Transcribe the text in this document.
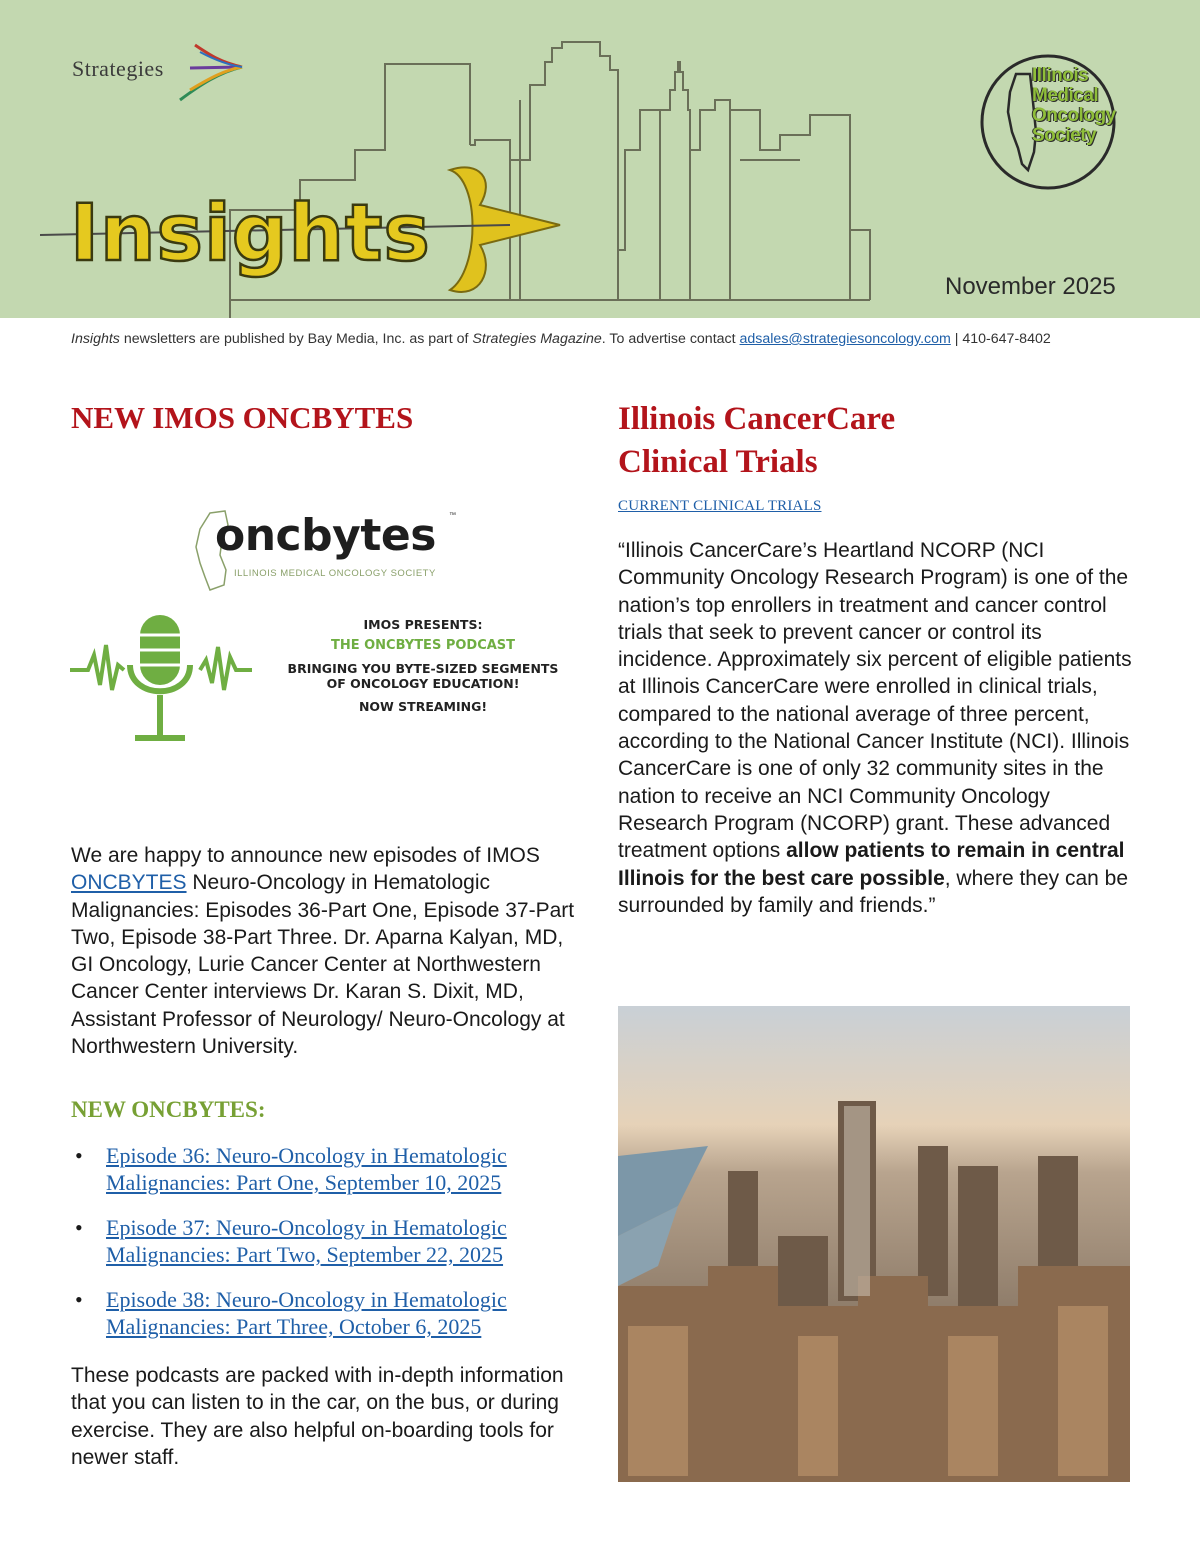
Strategies
Insights
Illinois
Medical
Oncology
Society
November 2025
Insights newsletters are published by Bay Media, Inc. as part of Strategies Magazine. To advertise contact adsales@strategiesoncology.com | 410-647-8402
NEW IMOS ONCBYTES
oncbytes ™
ILLINOIS MEDICAL ONCOLOGY SOCIETY
IMOS PRESENTS:
THE ONCBYTES PODCAST
BRINGING YOU BYTE-SIZED SEGMENTS OF ONCOLOGY EDUCATION!
NOW STREAMING!
We are happy to announce new episodes of IMOS ONCBYTES Neuro-Oncology in Hematologic Malignancies: Episodes 36-Part One, Episode 37-Part Two, Episode 38-Part Three. Dr. Aparna Kalyan, MD, GI Oncology, Lurie Cancer Center at Northwestern Cancer Center interviews Dr. Karan S. Dixit, MD, Assistant Professor of Neurology/ Neuro-Oncology at Northwestern University.
NEW ONCBYTES:
• Episode 36: Neuro-Oncology in Hematologic Malignancies: Part One, September 10, 2025
• Episode 37: Neuro-Oncology in Hematologic Malignancies: Part Two, September 22, 2025
• Episode 38: Neuro-Oncology in Hematologic Malignancies: Part Three, October 6, 2025
These podcasts are packed with in-depth information that you can listen to in the car, on the bus, or during exercise. They are also helpful on-boarding tools for newer staff.
Illinois CancerCare
Clinical Trials
CURRENT CLINICAL TRIALS
“Illinois CancerCare’s Heartland NCORP (NCI Community Oncology Research Program) is one of the nation’s top enrollers in treatment and cancer control trials that seek to prevent cancer or control its incidence. Approximately six percent of eligible patients at Illinois CancerCare were enrolled in clinical trials, compared to the national average of three percent, according to the National Cancer Institute (NCI). Illinois CancerCare is one of only 32 community sites in the nation to receive an NCI Community Oncology Research Program (NCORP) grant. These advanced treatment options allow patients to remain in central Illinois for the best care possible, where they can be surrounded by family and friends.”
